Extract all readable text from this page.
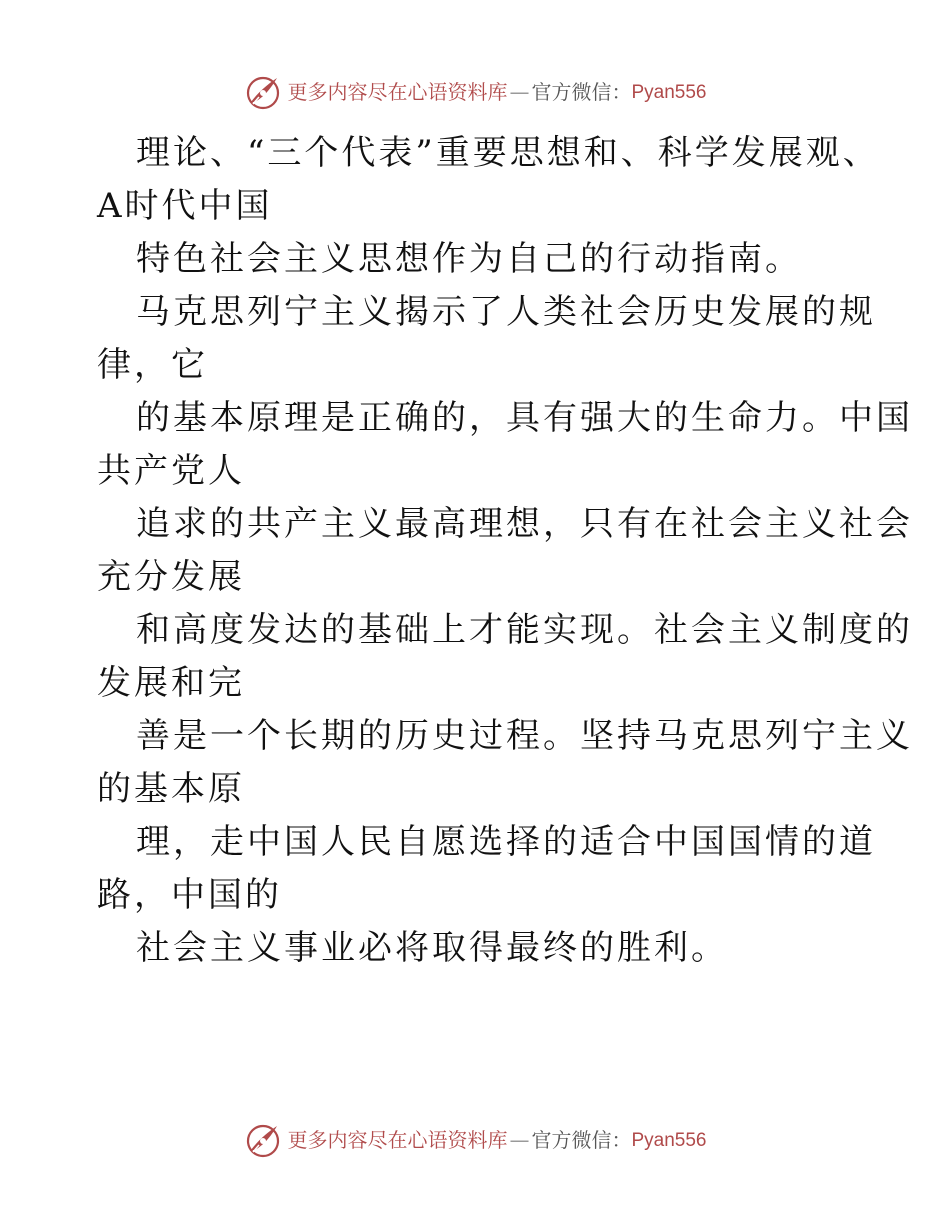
更多内容尽在心语资料库 — 官方微信： Pyan556
理论、“三个代表”重要思想和、科学发展观、
A时代中国
特色社会主义思想作为自己的行动指南。
马克思列宁主义揭示了人类社会历史发展的规
律，它
的基本原理是正确的，具有强大的生命力。中国
共产党人
追求的共产主义最高理想，只有在社会主义社会
充分发展
和高度发达的基础上才能实现。社会主义制度的
发展和完
善是一个长期的历史过程。坚持马克思列宁主义
的基本原
理，走中国人民自愿选择的适合中国国情的道
路，中国的
社会主义事业必将取得最终的胜利。
更多内容尽在心语资料库 — 官方微信： Pyan556
